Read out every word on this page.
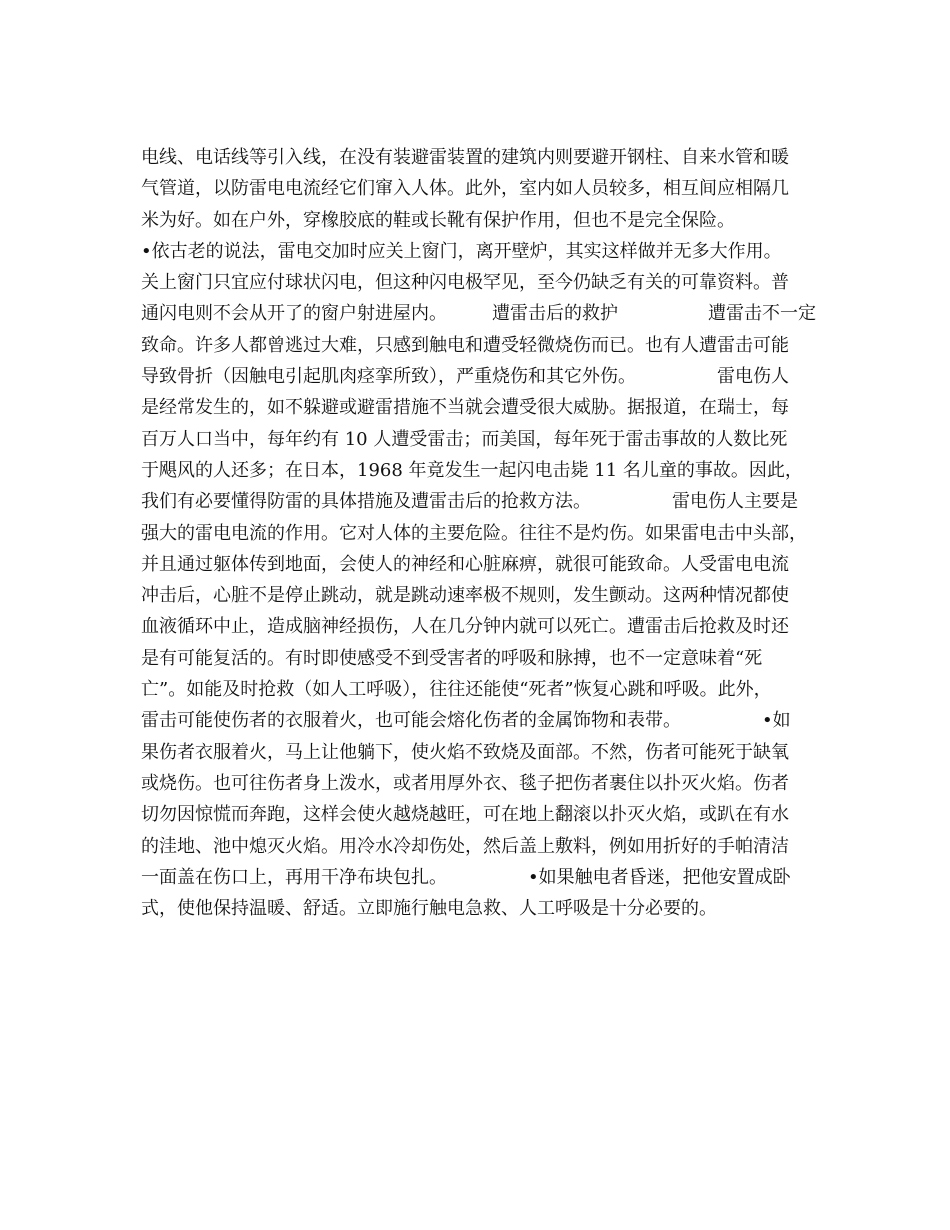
电线、电话线等引入线，在没有装避雷装置的建筑内则要避开钢柱、自来水管和暖
气管道，以防雷电电流经它们窜入人体。此外，室内如人员较多，相互间应相隔几
米为好。如在户外，穿橡胶底的鞋或长靴有保护作用，但也不是完全保险。
•依古老的说法，雷电交加时应关上窗门，离开壁炉，其实这样做并无多大作用。
关上窗门只宜应付球状闪电，但这种闪电极罕见，至今仍缺乏有关的可靠资料。普
通闪电则不会从开了的窗户射进屋内。　　　遭雷击后的救护　　　　　遭雷击不一定
致命。许多人都曾逃过大难，只感到触电和遭受轻微烧伤而已。也有人遭雷击可能
导致骨折（因触电引起肌肉痉挛所致），严重烧伤和其它外伤。　　　　　雷电伤人
是经常发生的，如不躲避或避雷措施不当就会遭受很大威胁。据报道，在瑞士，每
百万人口当中，每年约有 10 人遭受雷击；而美国，每年死于雷击事故的人数比死
于飓风的人还多；在日本，1968 年竟发生一起闪电击毙 11 名儿童的事故。因此，
我们有必要懂得防雷的具体措施及遭雷击后的抢救方法。　　　　　雷电伤人主要是
强大的雷电电流的作用。它对人体的主要危险。往往不是灼伤。如果雷电击中头部，
并且通过躯体传到地面，会使人的神经和心脏麻痹，就很可能致命。人受雷电电流
冲击后，心脏不是停止跳动，就是跳动速率极不规则，发生颤动。这两种情况都使
血液循环中止，造成脑神经损伤，人在几分钟内就可以死亡。遭雷击后抢救及时还
是有可能复活的。有时即使感受不到受害者的呼吸和脉搏，也不一定意味着“死
亡”。如能及时抢救（如人工呼吸），往往还能使“死者”恢复心跳和呼吸。此外，
雷击可能使伤者的衣服着火，也可能会熔化伤者的金属饰物和表带。　　　　　•如
果伤者衣服着火，马上让他躺下，使火焰不致烧及面部。不然，伤者可能死于缺氧
或烧伤。也可往伤者身上泼水，或者用厚外衣、毯子把伤者裹住以扑灭火焰。伤者
切勿因惊慌而奔跑，这样会使火越烧越旺，可在地上翻滚以扑灭火焰，或趴在有水
的洼地、池中熄灭火焰。用冷水冷却伤处，然后盖上敷料，例如用折好的手帕清洁
一面盖在伤口上，再用干净布块包扎。　　　　　•如果触电者昏迷，把他安置成卧
式，使他保持温暖、舒适。立即施行触电急救、人工呼吸是十分必要的。
